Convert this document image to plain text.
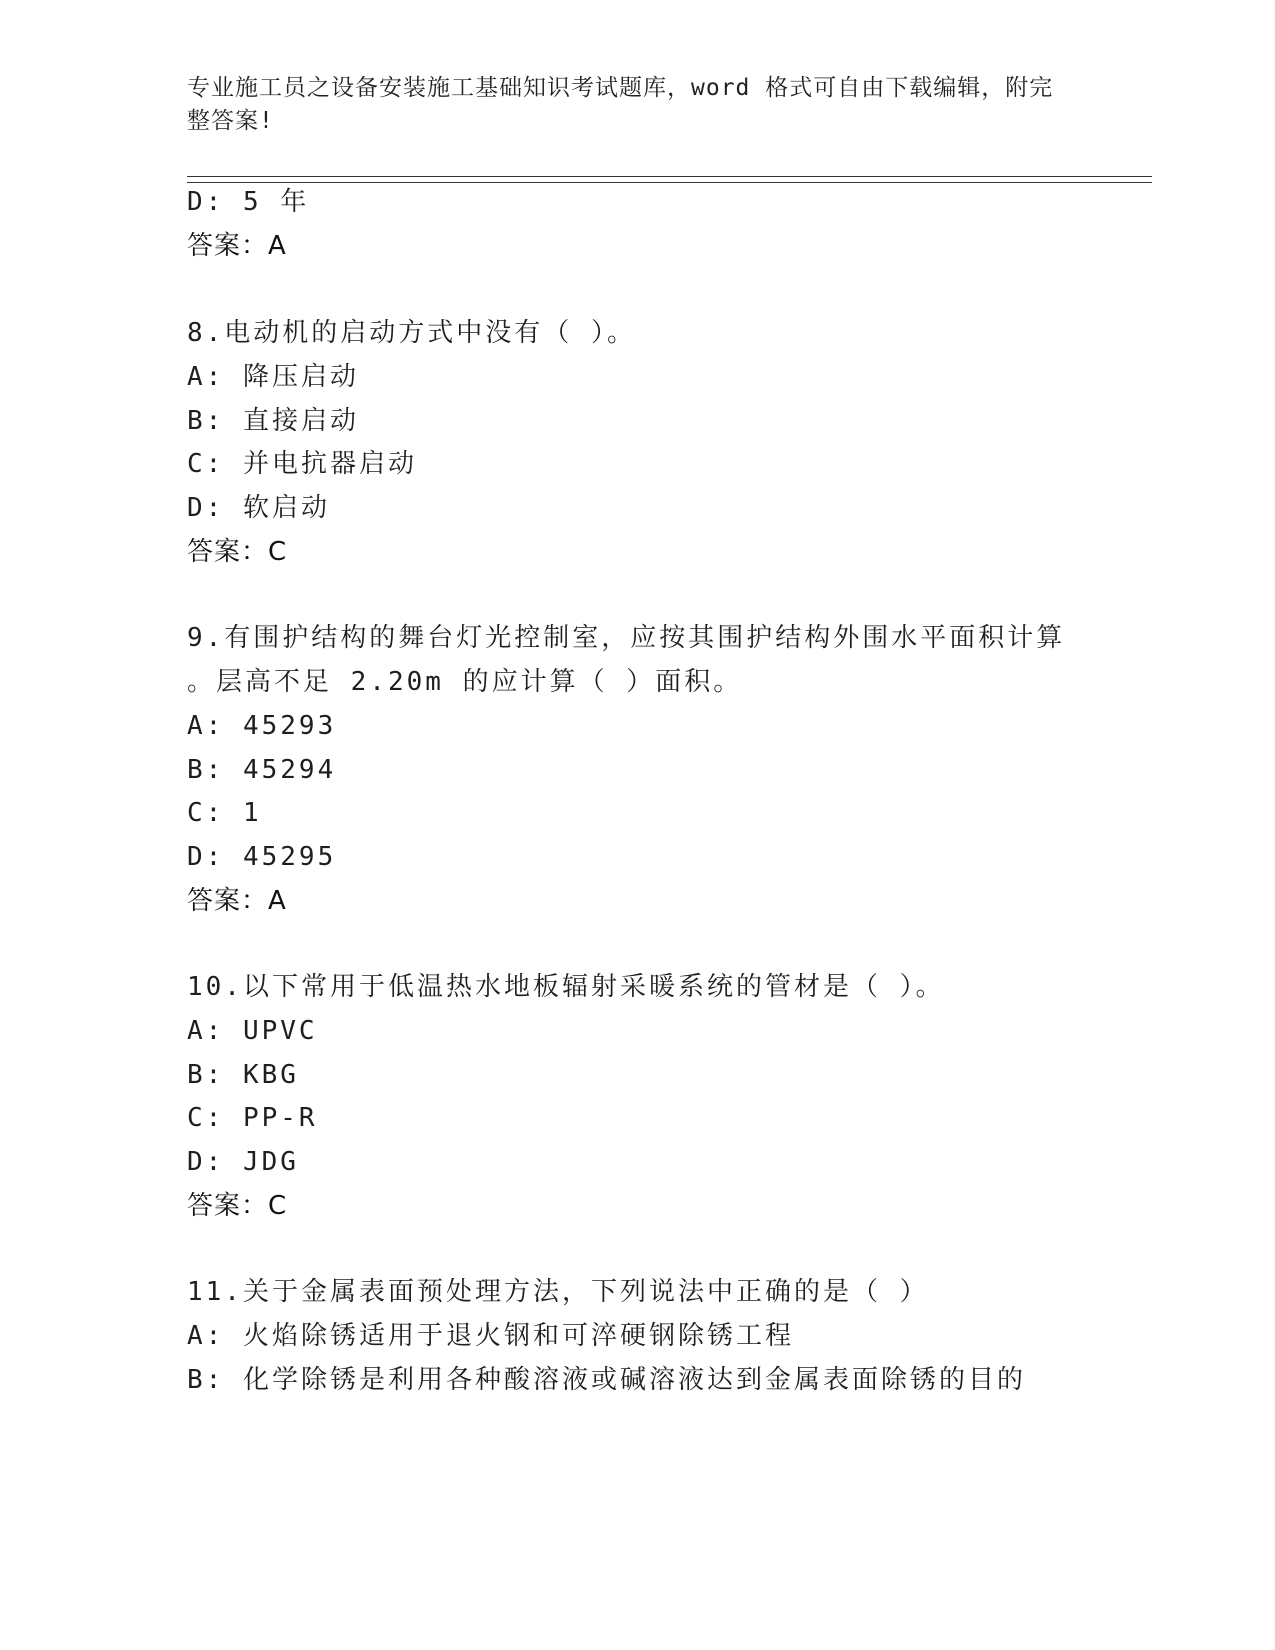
专业施工员之设备安装施工基础知识考试题库，word 格式可自由下载编辑，附完
整答案!
D: 5 年
答案：A
8.电动机的启动方式中没有（ ）。
A: 降压启动
B: 直接启动
C: 并电抗器启动
D: 软启动
答案：C
9.有围护结构的舞台灯光控制室，应按其围护结构外围水平面积计算
。层高不足 2.20m 的应计算（ ）面积。
A: 45293
B: 45294
C: 1
D: 45295
答案：A
10.以下常用于低温热水地板辐射采暖系统的管材是（ ）。
A: UPVC
B: KBG
C: PP-R
D: JDG
答案：C
11.关于金属表面预处理方法，下列说法中正确的是（ ）
A: 火焰除锈适用于退火钢和可淬硬钢除锈工程
B: 化学除锈是利用各种酸溶液或碱溶液达到金属表面除锈的目的
